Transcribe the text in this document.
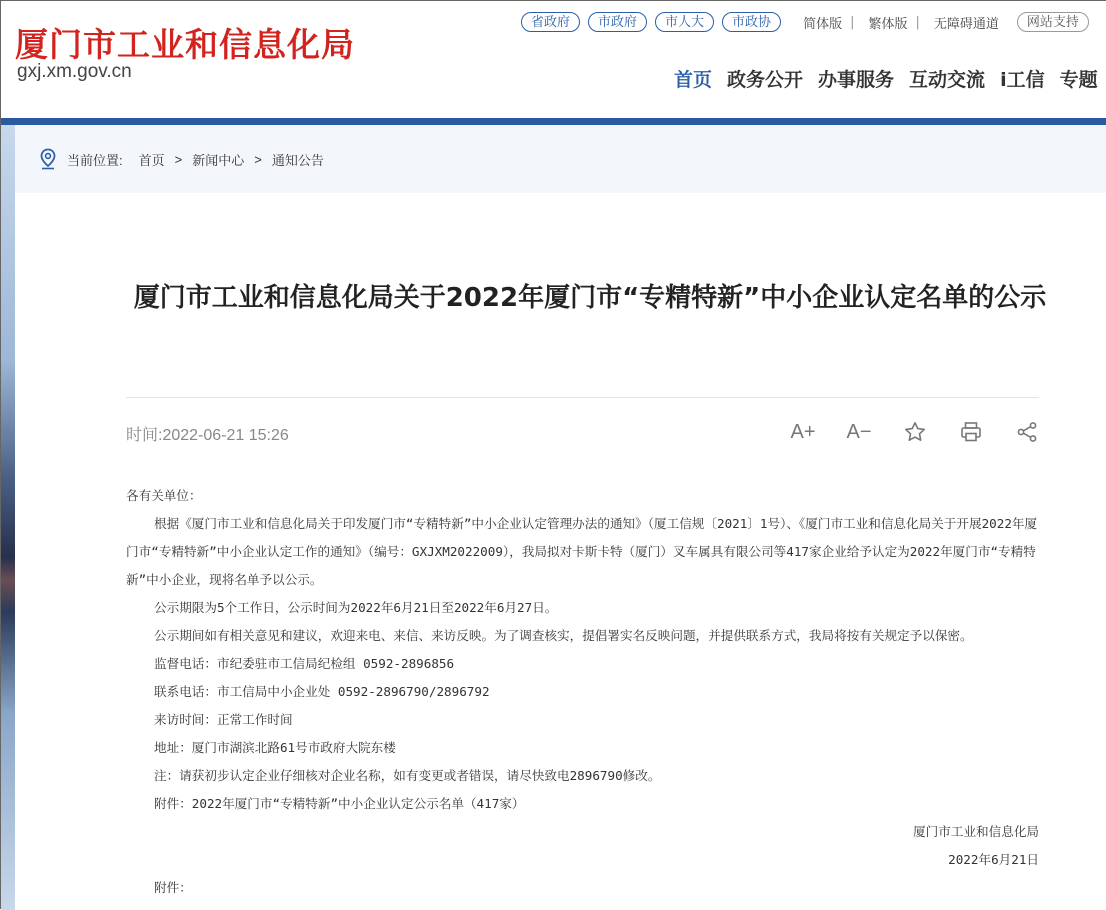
厦门市工业和信息化局
gxj.xm.gov.cn
省政府	市政府	市人大	市政协	简体版 | 繁体版 | 无障碍通道	网站支持
首页 政务公开 办事服务 互动交流 i工信 专题
当前位置: 首页 > 新闻中心 > 通知公告
厦门市工业和信息化局关于2022年厦门市“专精特新”中小企业认定名单的公示
时间:2022-06-21 15:26	A+ A−

各有关单位：

根据《厦门市工业和信息化局关于印发厦门市“专精特新”中小企业认定管理办法的通知》（厦工信规〔2021〕1号）、《厦门市工业和信息化局关于开展2022年厦门市“专精特新”中小企业认定工作的通知》（编号：GXJXM2022009），我局拟对卡斯卡特（厦门）叉车属具有限公司等417家企业给予认定为2022年厦门市“专精特新”中小企业，现将名单予以公示。

公示期限为5个工作日，公示时间为2022年6月21日至2022年6月27日。

公示期间如有相关意见和建议，欢迎来电、来信、来访反映。为了调查核实，提倡署实名反映问题，并提供联系方式，我局将按有关规定予以保密。

监督电话：市纪委驻市工信局纪检组 0592-2896856

联系电话：市工信局中小企业处 0592-2896790/2896792

来访时间：正常工作时间

地址：厦门市湖滨北路61号市政府大院东楼

注：请获初步认定企业仔细核对企业名称，如有变更或者错误，请尽快致电2896790修改。

附件：2022年厦门市“专精特新”中小企业认定公示名单（417家）

厦门市工业和信息化局

2022年6月21日

附件：
